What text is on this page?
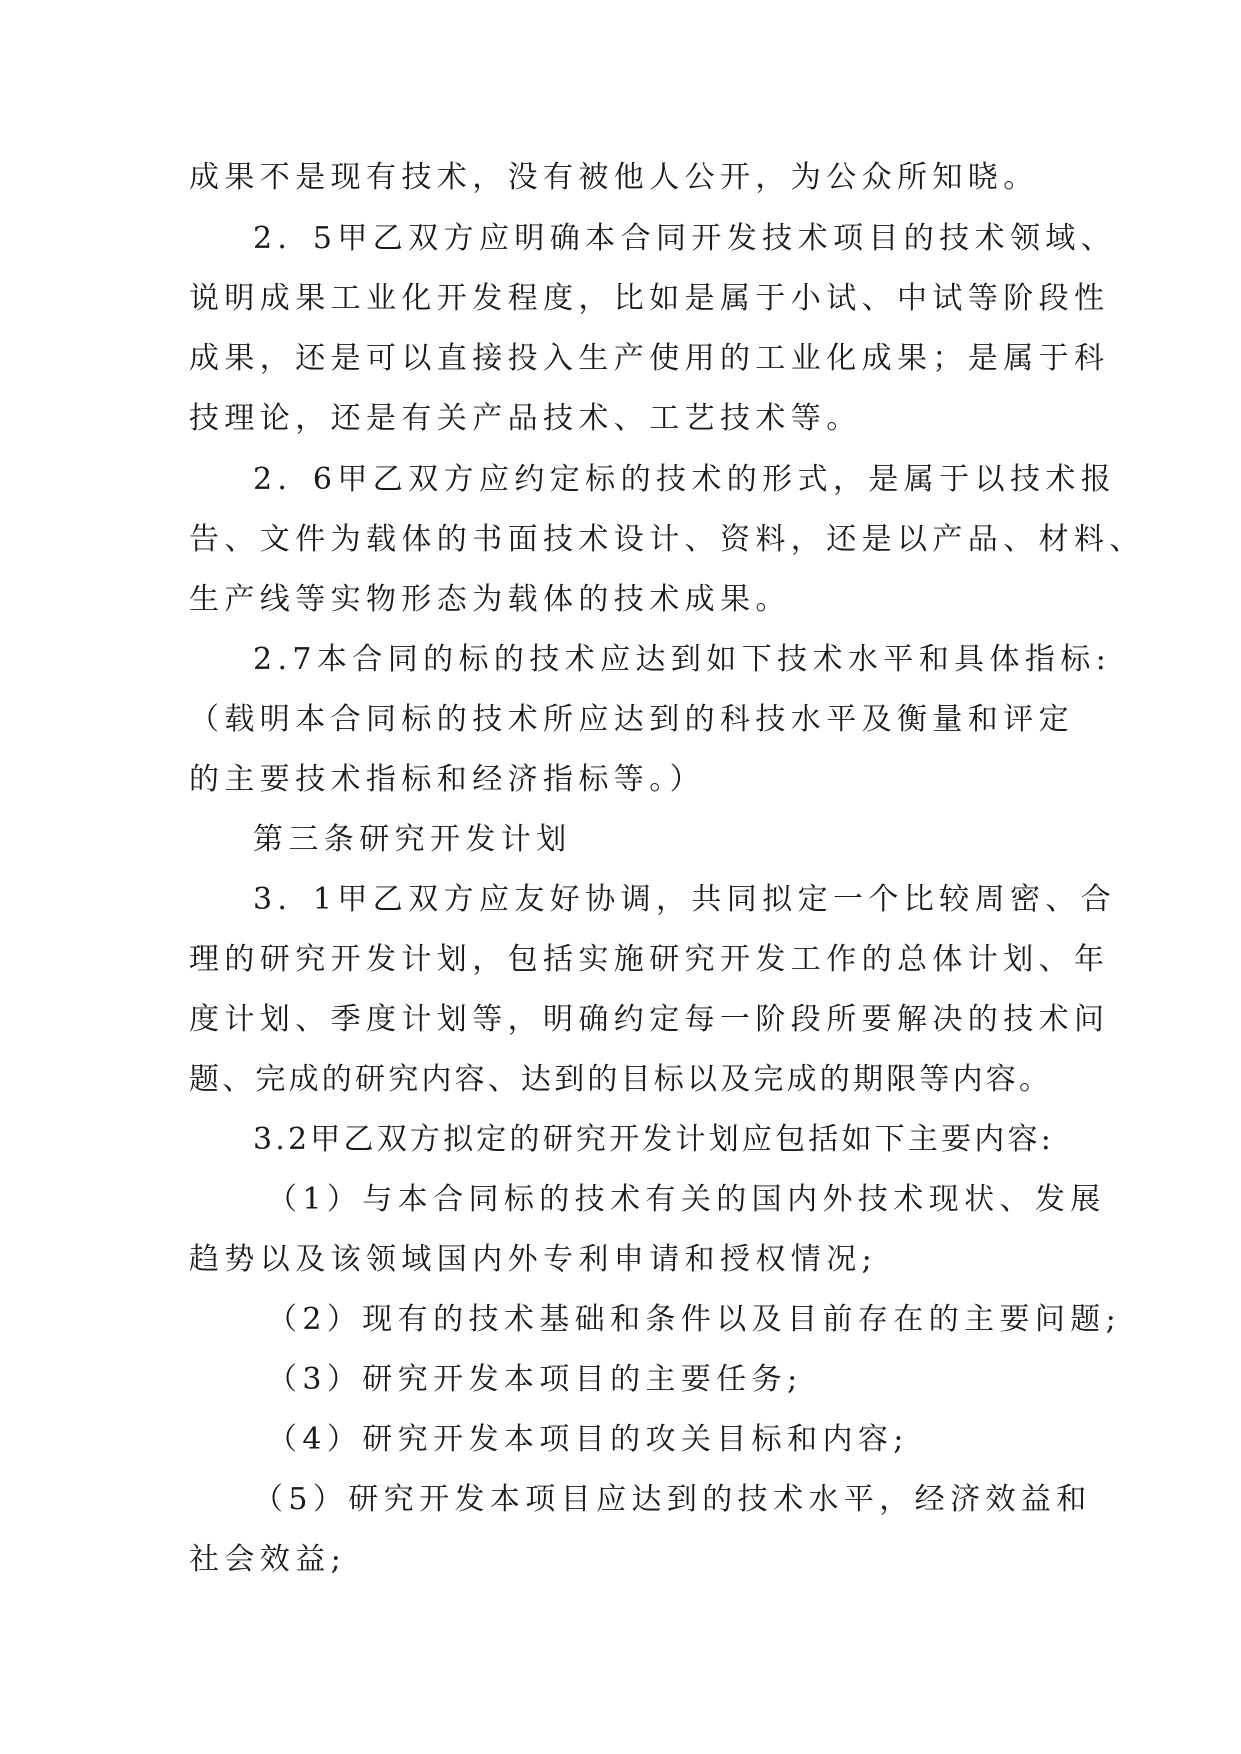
成果不是现有技术，没有被他人公开，为公众所知晓。
2．5甲乙双方应明确本合同开发技术项目的技术领域、
说明成果工业化开发程度，比如是属于小试、中试等阶段性
成果，还是可以直接投入生产使用的工业化成果；是属于科
技理论，还是有关产品技术、工艺技术等。
2．6甲乙双方应约定标的技术的形式，是属于以技术报
告、文件为载体的书面技术设计、资料，还是以产品、材料、
生产线等实物形态为载体的技术成果。
2.7本合同的标的技术应达到如下技术水平和具体指标:
（载明本合同标的技术所应达到的科技水平及衡量和评定
的主要技术指标和经济指标等。）
第三条研究开发计划
3．1甲乙双方应友好协调，共同拟定一个比较周密、合
理的研究开发计划，包括实施研究开发工作的总体计划、年
度计划、季度计划等，明确约定每一阶段所要解决的技术问
题、完成的研究内容、达到的目标以及完成的期限等内容。
3.2甲乙双方拟定的研究开发计划应包括如下主要内容:
（1）与本合同标的技术有关的国内外技术现状、发展
趋势以及该领域国内外专利申请和授权情况;
（2）现有的技术基础和条件以及目前存在的主要问题;
（3）研究开发本项目的主要任务;
（4）研究开发本项目的攻关目标和内容;
（5）研究开发本项目应达到的技术水平，经济效益和
社会效益;
